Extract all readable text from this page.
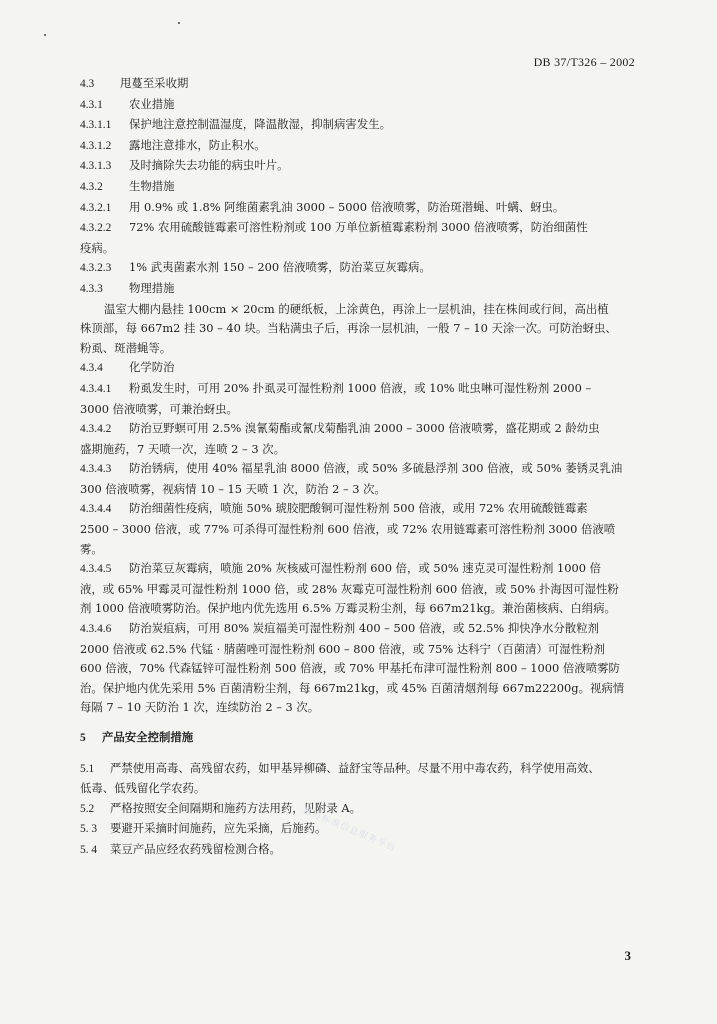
DB 37/T326 – 2002

4.3 甩蔓至采收期

4.3.1 农业措施

4.3.1.1 保护地注意控制温湿度，降温散湿，抑制病害发生。

4.3.1.2 露地注意排水，防止积水。

4.3.1.3 及时摘除失去功能的病虫叶片。

4.3.2 生物措施

4.3.2.1 用 0.9% 或 1.8% 阿维菌素乳油 3000 – 5000 倍液喷雾，防治斑潜蝇、叶螨、蚜虫。

4.3.2.2 72% 农用硫酸链霉素可溶性粉剂或 100 万单位新植霉素粉剂 3000 倍液喷雾，防治细菌性

疫病。

4.3.2.3 1% 武夷菌素水剂 150 – 200 倍液喷雾，防治菜豆灰霉病。

4.3.3 物理措施

温室大棚内悬挂 100cm × 20cm 的硬纸板，上涂黄色，再涂上一层机油，挂在株间或行间，高出植

株顶部，每 667m2 挂 30 – 40 块。当粘满虫子后，再涂一层机油，一般 7 – 10 天涂一次。可防治蚜虫、

粉虱、斑潜蝇等。

4.3.4 化学防治

4.3.4.1 粉虱发生时，可用 20% 扑虱灵可湿性粉剂 1000 倍液，或 10% 吡虫啉可湿性粉剂 2000 –

3000 倍液喷雾，可兼治蚜虫。

4.3.4.2 防治豆野螟可用 2.5% 溴氰菊酯或氰戊菊酯乳油 2000 – 3000 倍液喷雾，盛花期或 2 龄幼虫

盛期施药，7 天喷一次，连喷 2 – 3 次。

4.3.4.3 防治锈病，使用 40% 福星乳油 8000 倍液，或 50% 多硫悬浮剂 300 倍液，或 50% 萎锈灵乳油

300 倍液喷雾，视病情 10 – 15 天喷 1 次，防治 2 – 3 次。

4.3.4.4 防治细菌性疫病，喷施 50% 琥胶肥酸铜可湿性粉剂 500 倍液，或用 72% 农用硫酸链霉素

2500 – 3000 倍液，或 77% 可杀得可湿性粉剂 600 倍液，或 72% 农用链霉素可溶性粉剂 3000 倍液喷

雾。

4.3.4.5 防治菜豆灰霉病，喷施 20% 灰核威可湿性粉剂 600 倍，或 50% 速克灵可湿性粉剂 1000 倍

液，或 65% 甲霉灵可湿性粉剂 1000 倍，或 28% 灰霉克可湿性粉剂 600 倍液，或 50% 扑海因可湿性粉

剂 1000 倍液喷雾防治。保护地内优先选用 6.5% 万霉灵粉尘剂，每 667m21kg。兼治菌核病、白绢病。

4.3.4.6 防治炭疽病，可用 80% 炭疽福美可湿性粉剂 400 – 500 倍液，或 52.5% 抑快净水分散粒剂

2000 倍液或 62.5% 代锰 · 腈菌唑可湿性粉剂 600 – 800 倍液，或 75% 达科宁（百菌清）可湿性粉剂

600 倍液，70% 代森锰锌可湿性粉剂 500 倍液，或 70% 甲基托布津可湿性粉剂 800 – 1000 倍液喷雾防

治。保护地内优先采用 5% 百菌清粉尘剂，每 667m21kg，或 45% 百菌清烟剂每 667m22200g。视病情

每隔 7 – 10 天防治 1 次，连续防治 2 – 3 次。

5 产品安全控制措施

5.1 严禁使用高毒、高残留农药，如甲基异柳磷、益舒宝等品种。尽量不用中毒农药，科学使用高效、

低毒、低残留化学农药。

5.2 严格按照安全间隔期和施药方法用药，见附录 A。

5. 3 要避开采摘时间施药，应先采摘，后施药。

5. 4 菜豆产品应经农药残留检测合格。	地方标准信息服务平台
3
